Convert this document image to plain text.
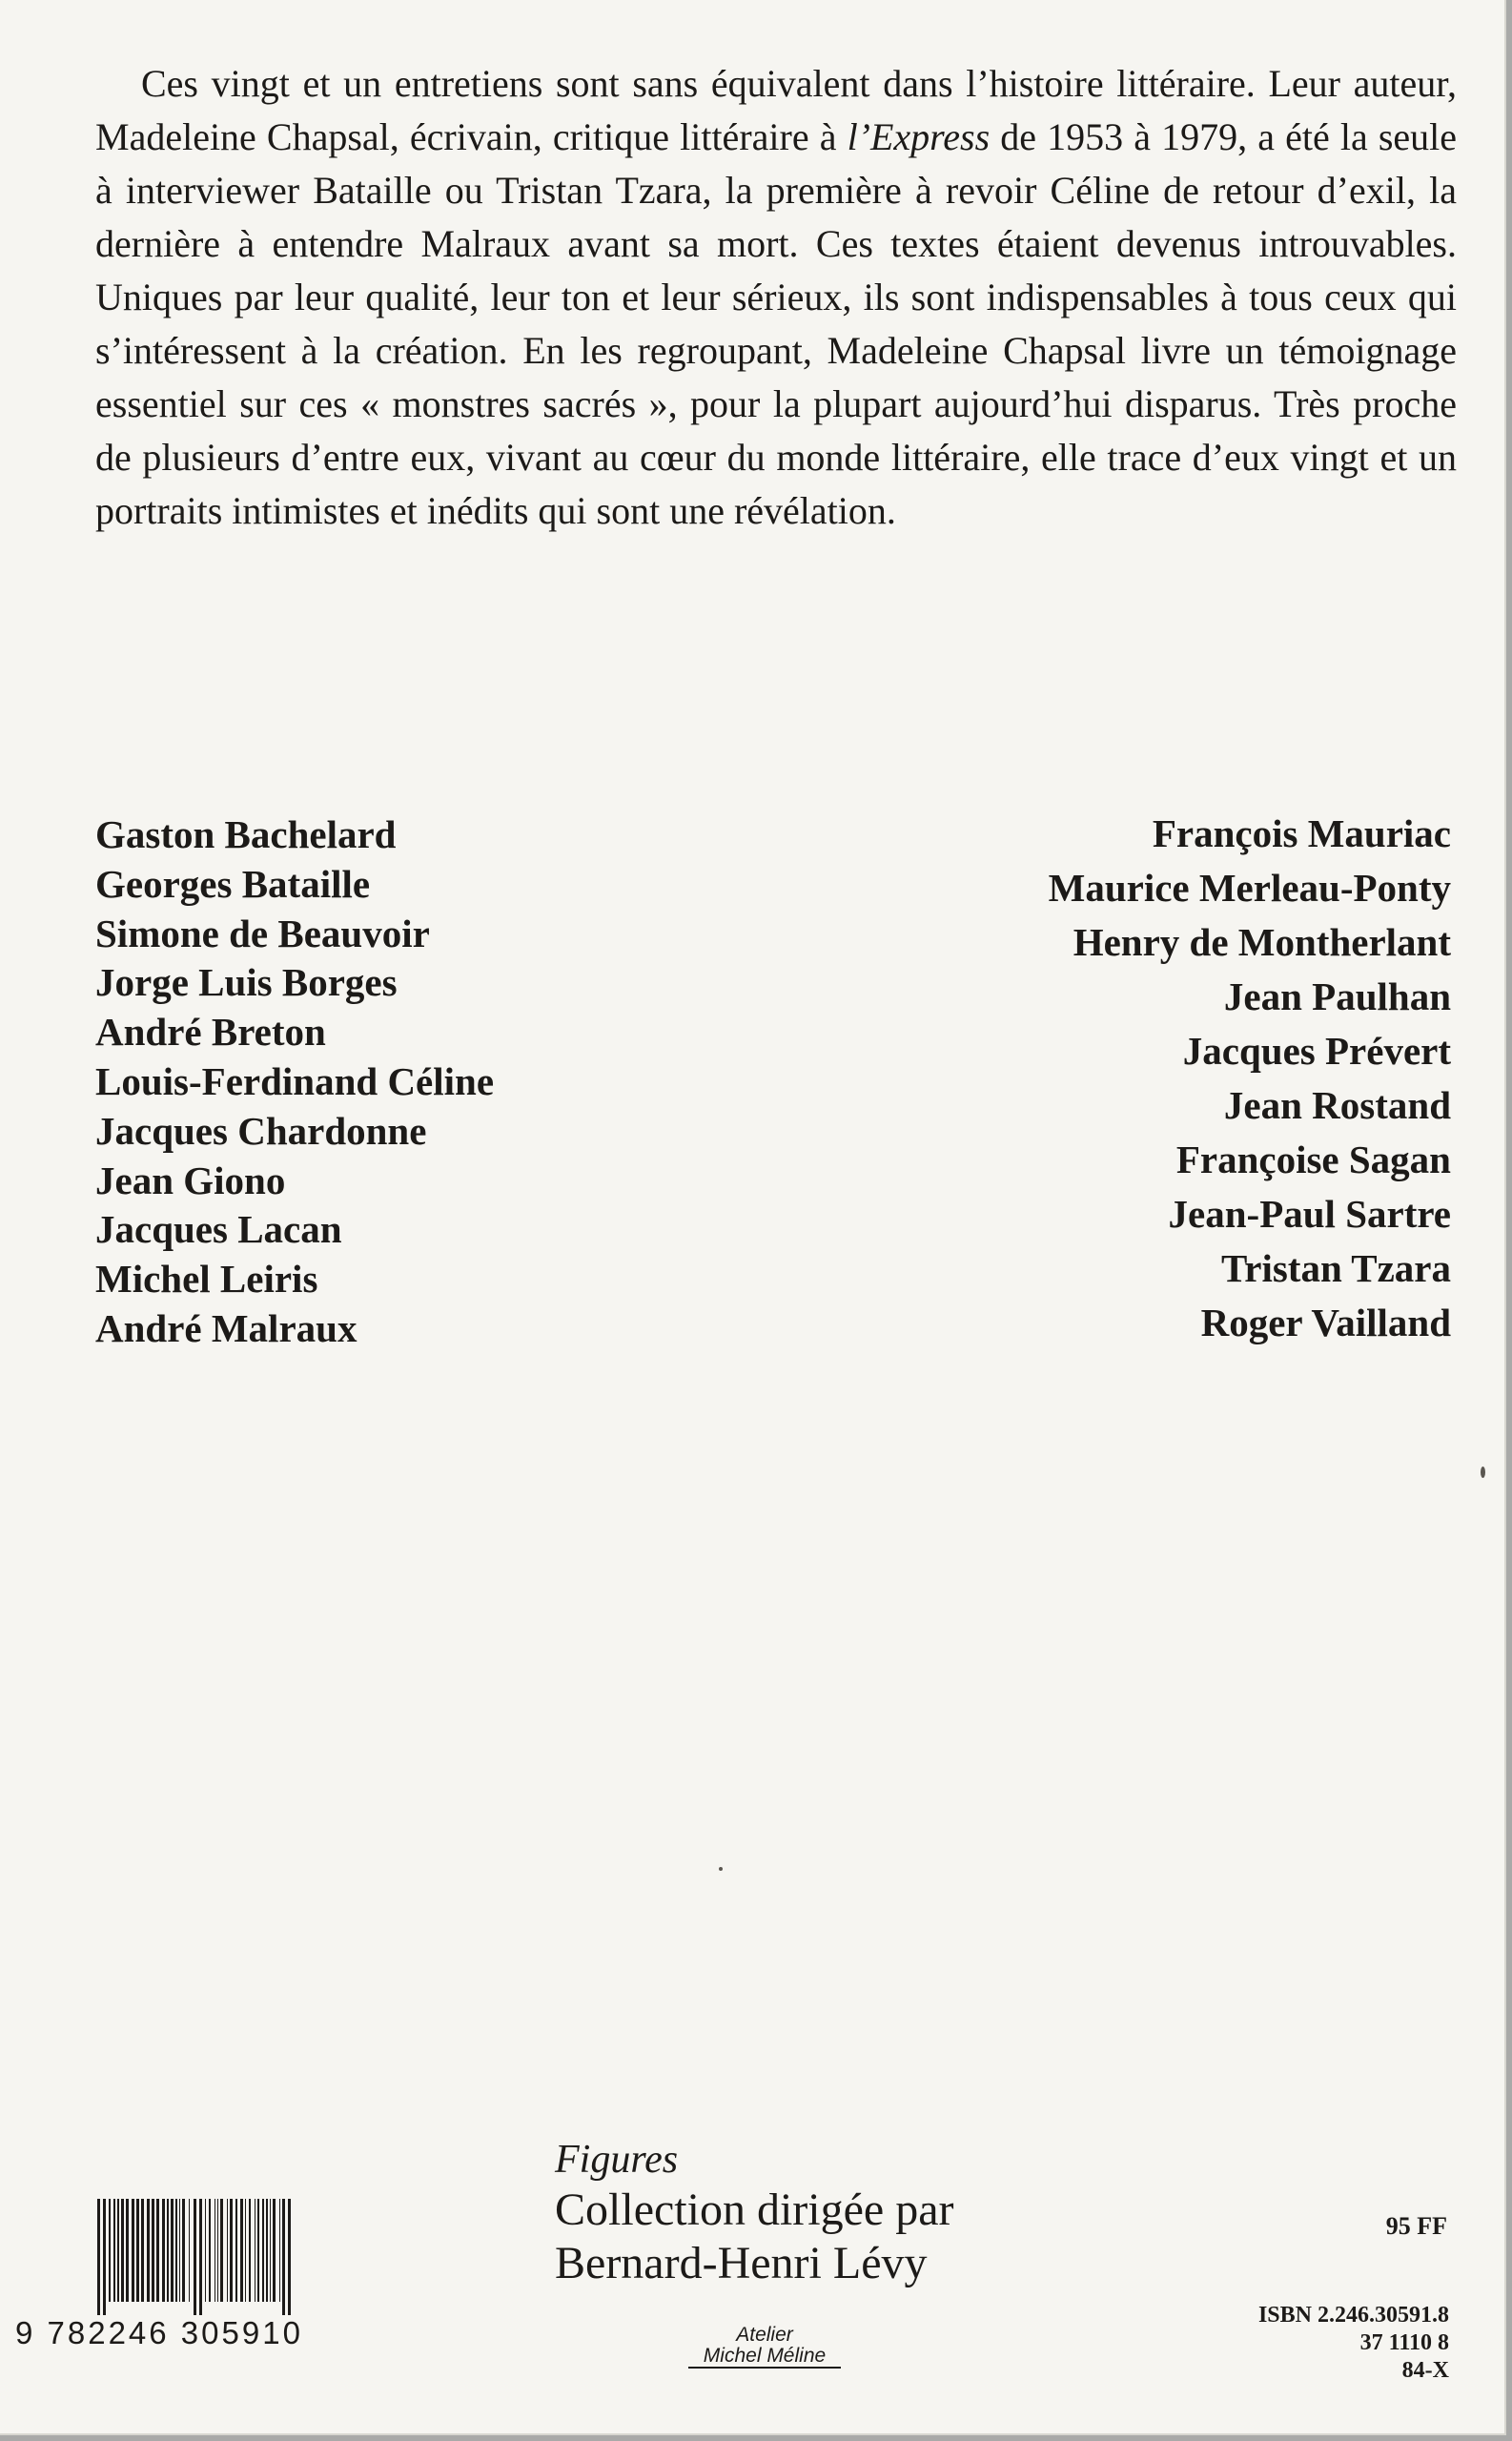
Ces vingt et un entretiens sont sans équivalent dans l’histoire littéraire. Leur auteur, Madeleine Chapsal, écrivain, critique littéraire à l’Express de 1953 à 1979, a été la seule à interviewer Bataille ou Tristan Tzara, la première à revoir Céline de retour d’exil, la dernière à entendre Malraux avant sa mort. Ces textes étaient devenus introuvables. Uniques par leur qualité, leur ton et leur sérieux, ils sont indispensables à tous ceux qui s’intéressent à la création. En les regroupant, Madeleine Chapsal livre un témoignage essentiel sur ces « monstres sacrés », pour la plupart aujourd’hui disparus. Très proche de plusieurs d’entre eux, vivant au cœur du monde littéraire, elle trace d’eux vingt et un portraits intimistes et inédits qui sont une révélation.

Gaston Bachelard
Georges Bataille
Simone de Beauvoir
Jorge Luis Borges
André Breton
Louis-Ferdinand Céline
Jacques Chardonne
Jean Giono
Jacques Lacan
Michel Leiris
André Malraux
François Mauriac
Maurice Merleau-Ponty
Henry de Montherlant
Jean Paulhan
Jacques Prévert
Jean Rostand
Françoise Sagan
Jean-Paul Sartre
Tristan Tzara
Roger Vailland
Figures
Collection dirigée par
Bernard-Henri Lévy
95 FF
ISBN 2.246.30591.8
37 1110 8
84-X
9 782246 305910	Atelier
Michel Méline
